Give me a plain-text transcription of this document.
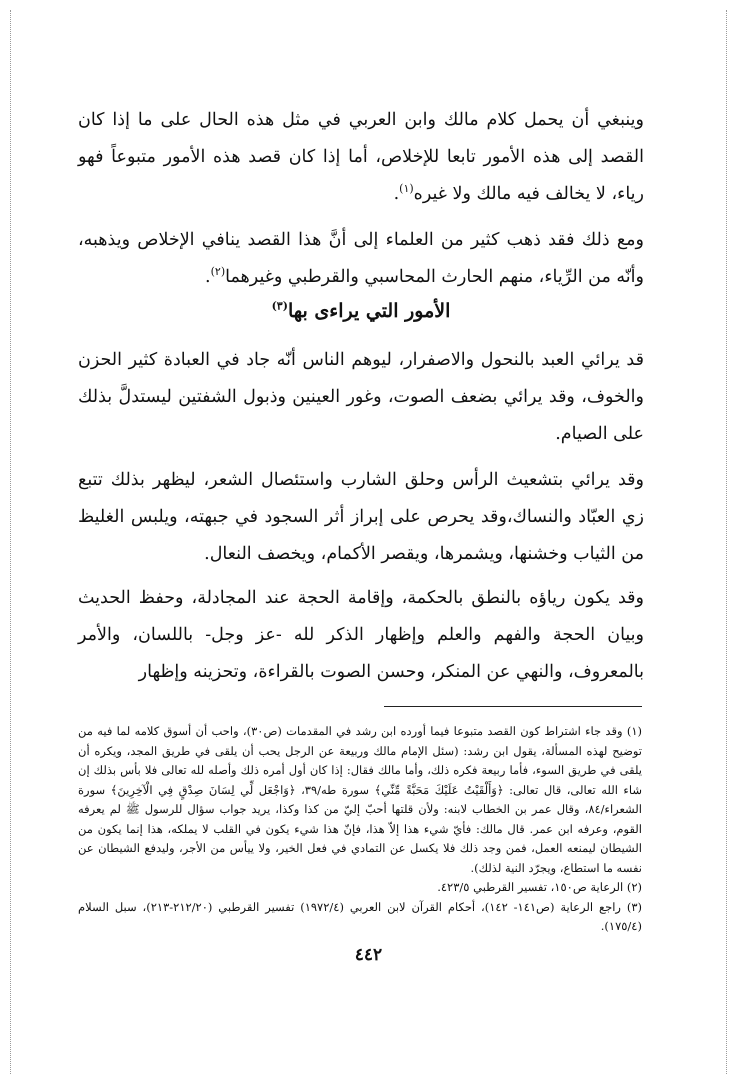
وينبغي أن يحمل كلام مالك وابن العربي في مثل هذه الحال على ما إذا كان القصد إلى هذه الأمور تابعا للإخلاص، أما إذا كان قصد هذه الأمور متبوعاً فهو رياء، لا يخالف فيه مالك ولا غيره$^{(١)}$.

ومع ذلك فقد ذهب كثير من العلماء إلى أنَّ هذا القصد ينافي الإخلاص ويذهبه، وأنّه من الرِّياء، منهم الحارث المحاسبي والقرطبي وغيرهما$^{(٢)}$.

الأمور التي يراءى بها$^{(٣)}$

قد يرائي العبد بالنحول والاصفرار، ليوهم الناس أنّه جاد في العبادة كثير الحزن والخوف، وقد يرائي بضعف الصوت، وغور العينين وذبول الشفتين ليستدلَّ بذلك على الصيام.

وقد يرائي بتشعيث الرأس وحلق الشارب واستئصال الشعر، ليظهر بذلك تتبع زي العبّاد والنساك،وقد يحرص على إبراز أثر السجود في جبهته، ويلبس الغليظ من الثياب وخشنها، ويشمرها، ويقصر الأكمام، ويخصف النعال.

وقد يكون رياؤه بالنطق بالحكمة، وإقامة الحجة عند المجادلة، وحفظ الحديث وبيان الحجة والفهم والعلم وإظهار الذكر لله -عز وجل- باللسان، والأمر بالمعروف، والنهي عن المنكر، وحسن الصوت بالقراءة، وتحزينه وإظهار

(١) وقد جاء اشتراط كون القصد متبوعا فيما أورده ابن رشد في المقدمات (ص٣٠)، واحب أن أسوق كلامه لما فيه من توضيح لهذه المسألة، يقول ابن رشد: (سئل الإمام مالك وربيعة عن الرجل يحب أن يلقى في طريق المجد، ويكره أن يلقى في طريق السوء، فأما ربيعة فكره ذلك، وأما مالك فقال: إذا كان أول أمره ذلك وأصله لله تعالى فلا بأس بذلك إن شاء الله تعالى، قال تعالى: ﴿وَأَلْقَيْتُ عَلَيْكَ مَحَبَّةً مِّنِّي﴾ سورة طه/٣٩، ﴿وَاجْعَل لِّي لِسَانَ صِدْقٍ فِي الْآخِرِينَ﴾ سورة الشعراء/٨٤، وقال عمر بن الخطاب لابنه: ولأن قلتها أحبّ إليّ من كذا وكذا، يريد جواب سؤال للرسول ﷺ لم يعرفه القوم، وعرفه ابن عمر. قال مالك: فأيّ شيء هذا إلاّ هذا، فإنّ هذا شيء يكون في القلب لا يملكه، هذا إنما يكون من الشيطان ليمنعه العمل، فمن وجد ذلك فلا يكسل عن التمادي في فعل الخير، ولا ييأس من الأجر، وليدفع الشيطان عن نفسه ما استطاع، ويجرّد النية لذلك).

(٢) الرعاية ص١٥٠، تفسير القرطبي ٤٢٣/٥.

(٣) راجع الرعاية (ص١٤١- ١٤٢)، أحكام القرآن لابن العربي (١٩٧٢/٤) تفسير القرطبي (٢١٢/٢٠-٢١٣)، سبل السلام (١٧٥/٤).

٤٤٢
